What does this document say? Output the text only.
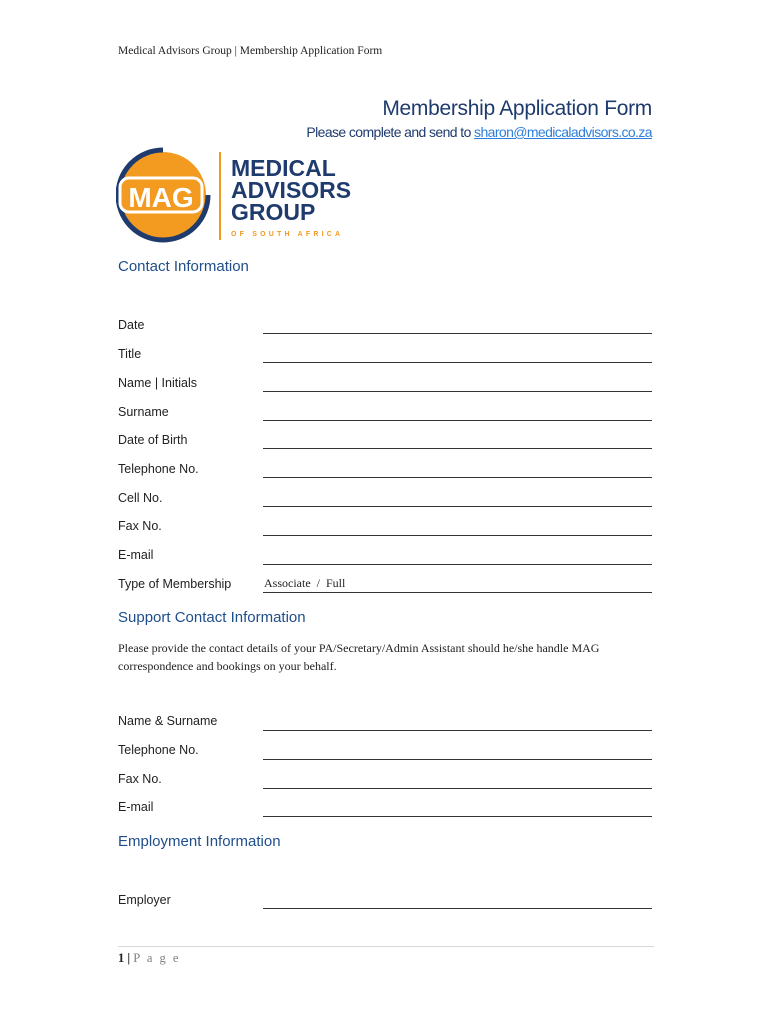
Medical Advisors Group | Membership Application Form
Membership Application Form
Please complete and send to sharon@medicaladvisors.co.za
MAG
MEDICAL
ADVISORS
GROUP
OF SOUTH AFRICA
Contact Information
Date
Title
Name | Initials
Surname
Date of Birth
Telephone No.
Cell No.
Fax No.
E-mail
Type of Membership	Associate  /  Full
Support Contact Information
Please provide the contact details of your PA/Secretary/Admin Assistant should he/she handle MAG correspondence and bookings on your behalf.
Name & Surname
Telephone No.
Fax No.
E-mail
Employment Information
Employer
1 | P a g e
